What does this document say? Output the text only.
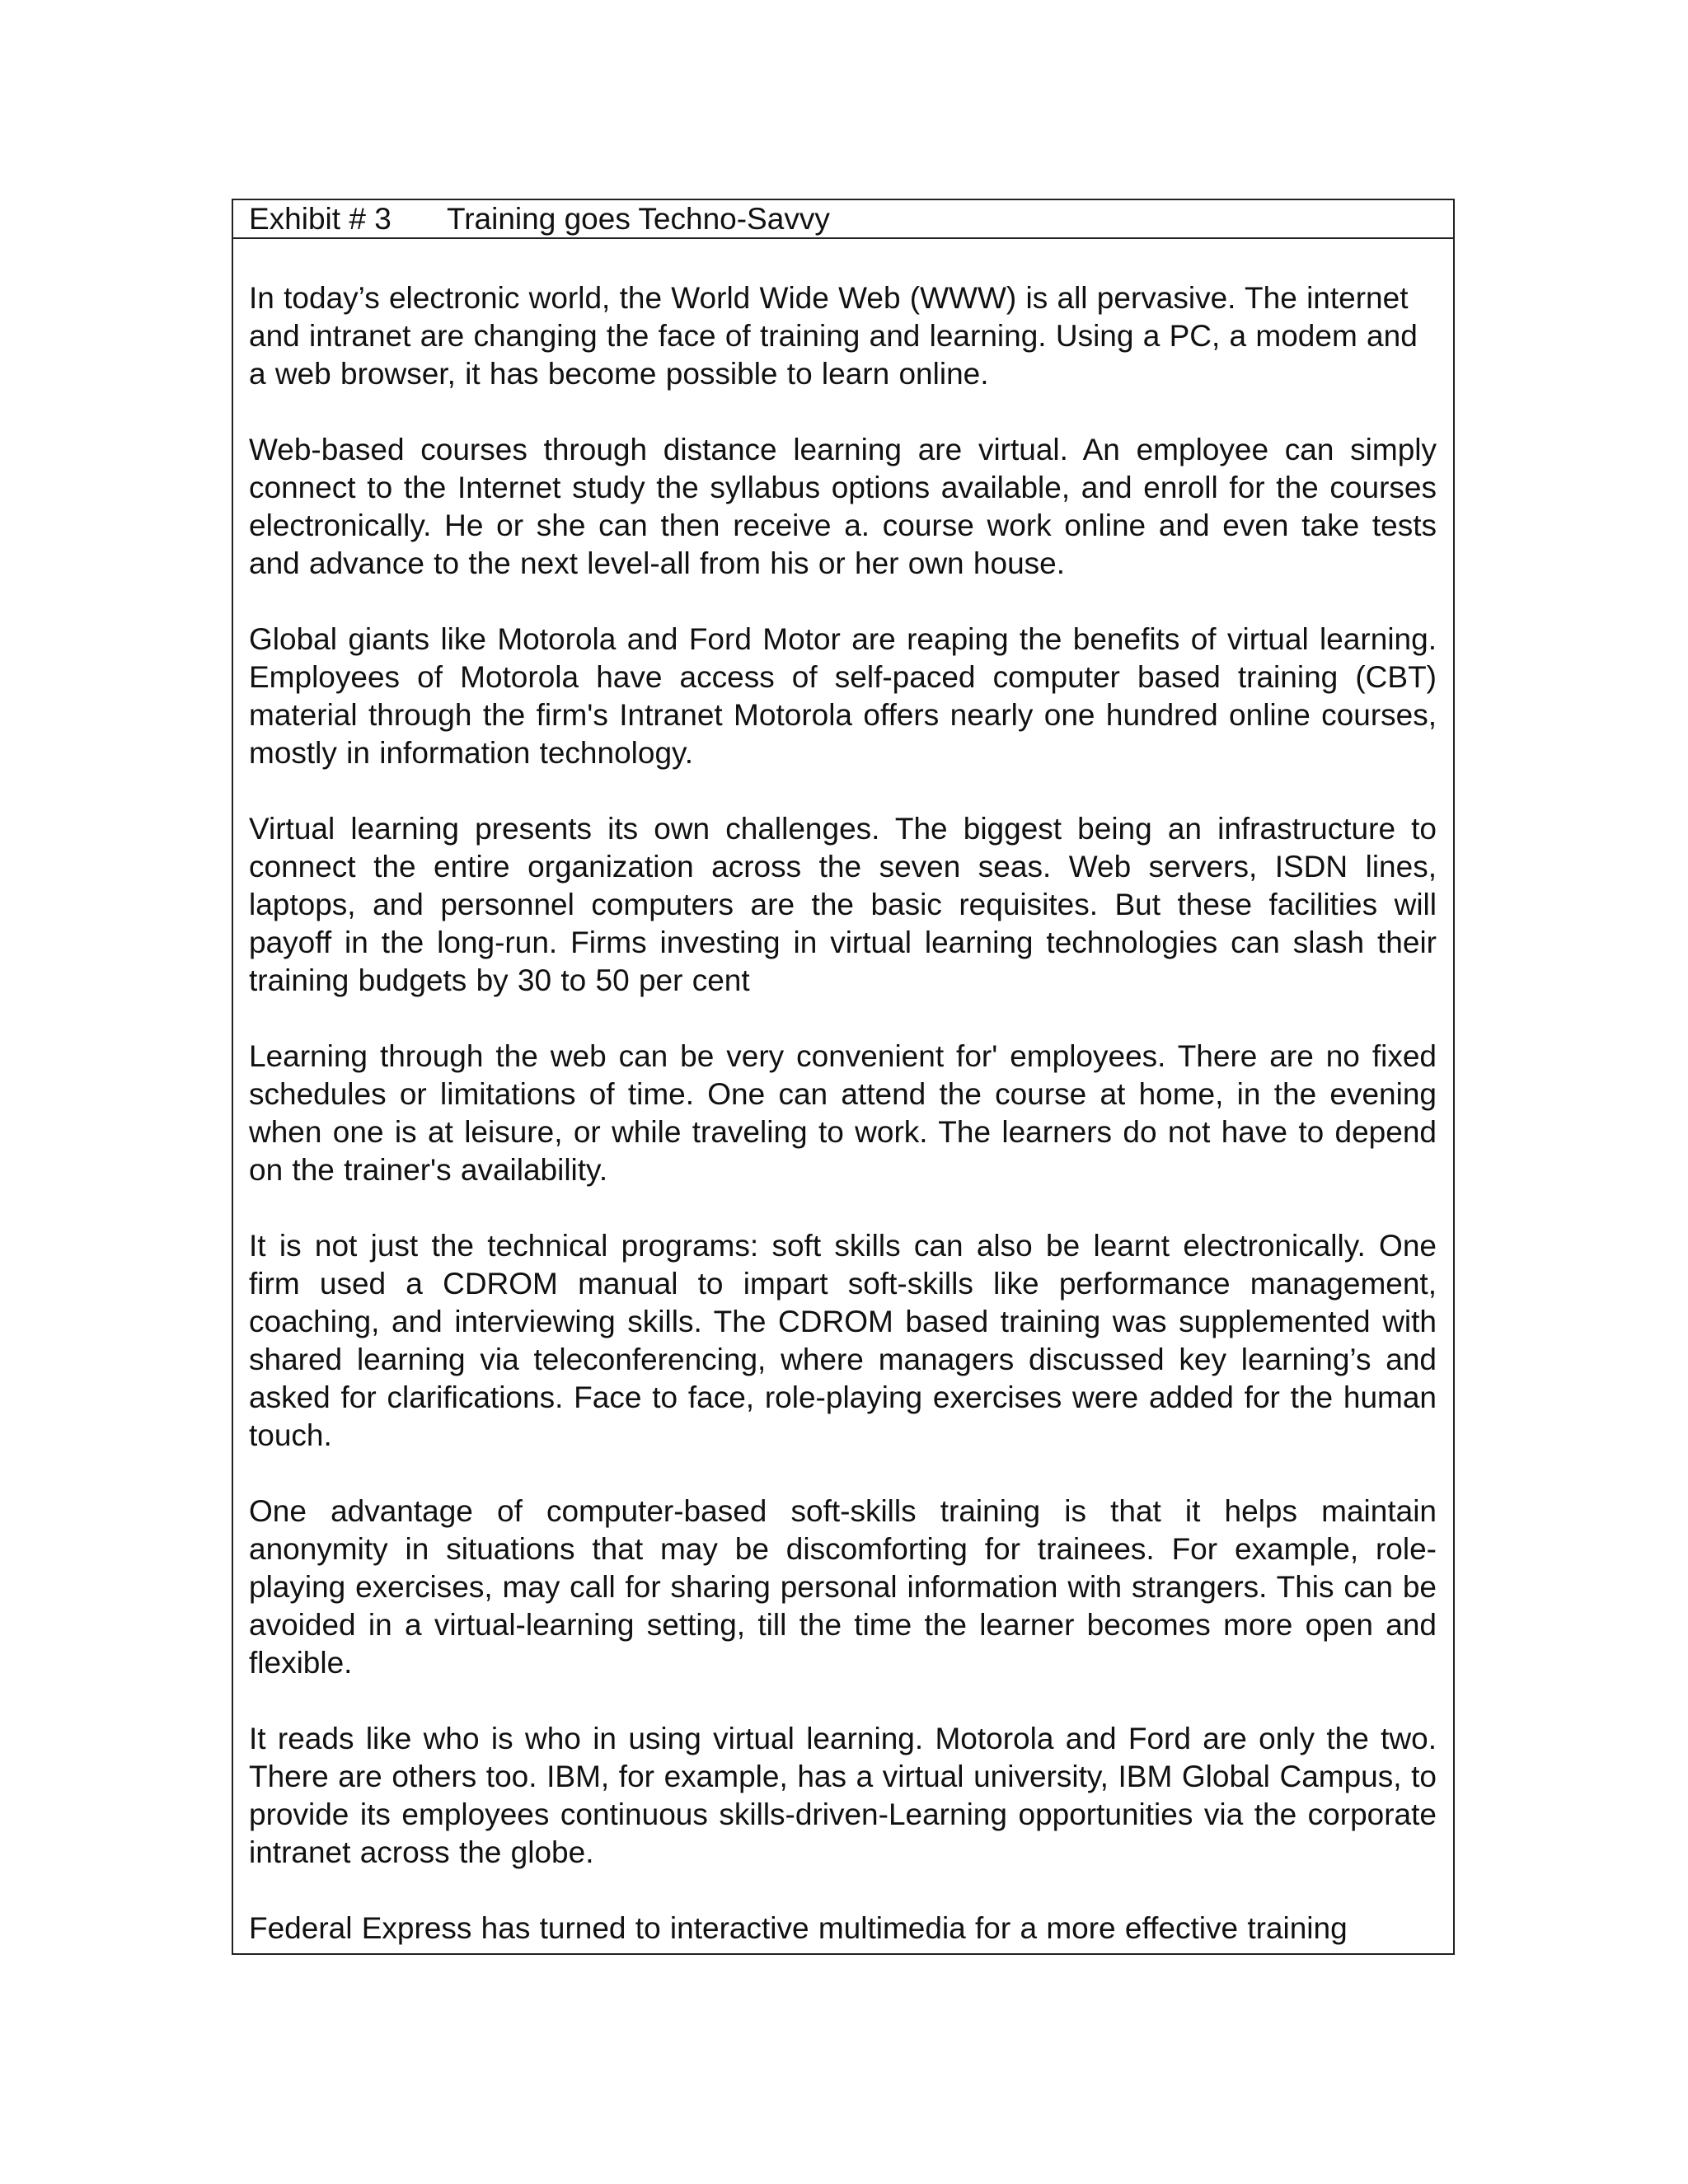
Exhibit # 3 Training goes Techno-Savvy

In today’s electronic world, the World Wide Web (WWW) is all pervasive. The internet and intranet are changing the face of training and learning. Using a PC, a modem and a web browser, it has become possible to learn online.

Web-based courses through distance learning are virtual. An employee can simply connect to the Internet study the syllabus options available, and enroll for the courses electronically. He or she can then receive a. course work online and even take tests and advance to the next level-all from his or her own house.

Global giants like Motorola and Ford Motor are reaping the benefits of virtual learning. Employees of Motorola have access of self-paced computer based training (CBT) material through the firm's Intranet Motorola offers nearly one hundred online courses, mostly in information technology.

Virtual learning presents its own challenges. The biggest being an infrastructure to connect the entire organization across the seven seas. Web servers, ISDN lines, laptops, and personnel computers are the basic requisites. But these facilities will payoff in the long-run. Firms investing in virtual learning technologies can slash their training budgets by 30 to 50 per cent

Learning through the web can be very convenient for' employees. There are no fixed schedules or limitations of time. One can attend the course at home, in the evening when one is at leisure, or while traveling to work. The learners do not have to depend on the trainer's availability.

It is not just the technical programs: soft skills can also be learnt electronically. One firm used a CDROM manual to impart soft-skills like performance management, coaching, and interviewing skills. The CDROM based training was supplemented with shared learning via teleconferencing, where managers discussed key learning’s and asked for clarifications. Face to face, role-playing exercises were added for the human touch.

One advantage of computer-based soft-skills training is that it helps maintain anonymity in situations that may be discomforting for trainees. For example, role-playing exercises, may call for sharing personal information with strangers. This can be avoided in a virtual-learning setting, till the time the learner becomes more open and flexible.

It reads like who is who in using virtual learning. Motorola and Ford are only the two. There are others too. IBM, for example, has a virtual university, IBM Global Campus, to provide its employees continuous skills-driven-Learning opportunities via the corporate intranet across the globe.

Federal Express has turned to interactive multimedia for a more effective training
